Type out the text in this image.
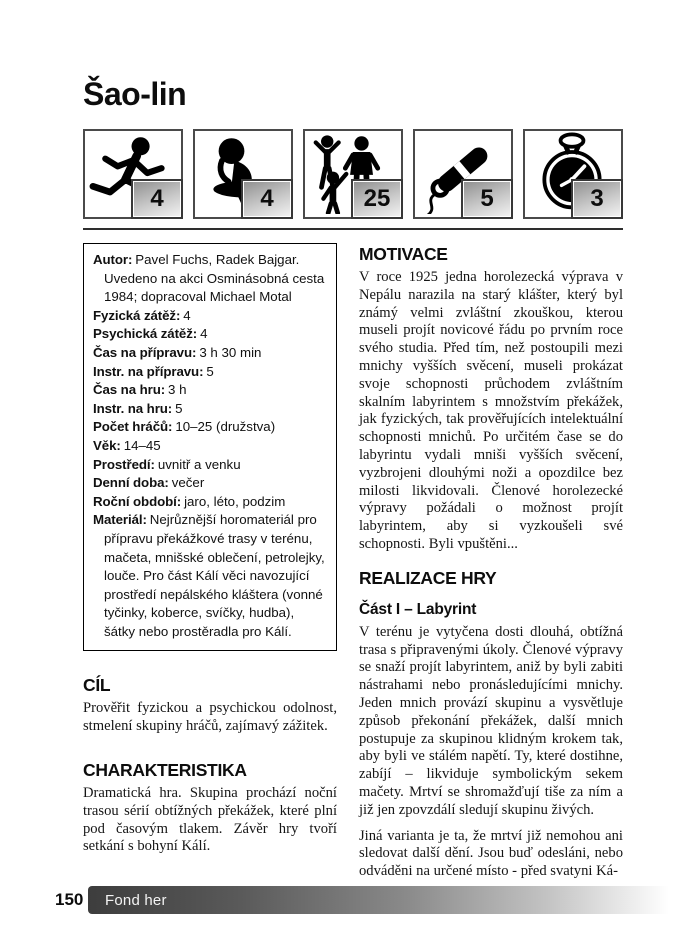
Šao-lin
4	4	25	5	3

Autor: Pavel Fuchs, Radek Bajgar. Uvedeno na akci Osminásobná cesta 1984; dopracoval Michael Motal

Fyzická zátěž: 4

Psychická zátěž: 4

Čas na přípravu: 3 h 30 min

Instr. na přípravu: 5

Čas na hru: 3 h

Instr. na hru: 5

Počet hráčů: 10–25 (družstva)

Věk: 14–45

Prostředí: uvnitř a venku

Denní doba: večer

Roční období: jaro, léto, podzim

Materiál: Nejrůznější horomateriál pro přípravu překážkové trasy v terénu, mačeta, mnišské oblečení, petrolejky, louče. Pro část Kálí věci navozující prostředí nepálského kláštera (vonné tyčinky, koberce, svíčky, hudba), šátky nebo prostěradla pro Kálí.

CÍL

Prověřit fyzickou a psychickou odolnost, stmelení skupiny hráčů, zajímavý zážitek.

CHARAKTERISTIKA

Dramatická hra. Skupina prochází noční trasou sérií obtížných překážek, které plní pod časovým tlakem. Závěr hry tvoří setkání s bohyní Kálí.

MOTIVACE

V roce 1925 jedna horolezecká výprava v Nepálu narazila na starý klášter, který byl známý velmi zvláštní zkouškou, kterou museli projít novicové řádu po prvním roce svého studia. Před tím, než postoupili mezi mnichy vyšších svěcení, museli prokázat svoje schopnosti průchodem zvláštním skalním labyrintem s množstvím překážek, jak fyzických, tak prověřujících intelektuální schopnosti mnichů. Po určitém čase se do labyrintu vydali mniši vyšších svěcení, vyzbrojeni dlouhými noži a opozdilce bez milosti likvidovali. Členové horolezecké výpravy požádali o možnost projít labyrintem, aby si vyzkoušeli své schopnosti. Byli vpuštěni...

REALIZACE HRY
Část I – Labyrint

V terénu je vytyčena dosti dlouhá, obtížná trasa s připravenými úkoly. Členové výpravy se snaží projít labyrintem, aniž by byli zabiti nástrahami nebo pronásledujícími mnichy. Jeden mnich provází skupinu a vysvětluje způsob překonání překážek, další mnich postupuje za skupinou klidným krokem tak, aby byli ve stálém napětí. Ty, které dostihne, zabíjí – likviduje symbolickým sekem mačety. Mrtví se shromažďují tiše za ním a již jen zpovzdálí sledují skupinu živých.

Jiná varianta je ta, že mrtví již nemohou ani sledovat další dění. Jsou buď odesláni, nebo odváděni na určené místo - před svatyni Ká-

150	Fond her
